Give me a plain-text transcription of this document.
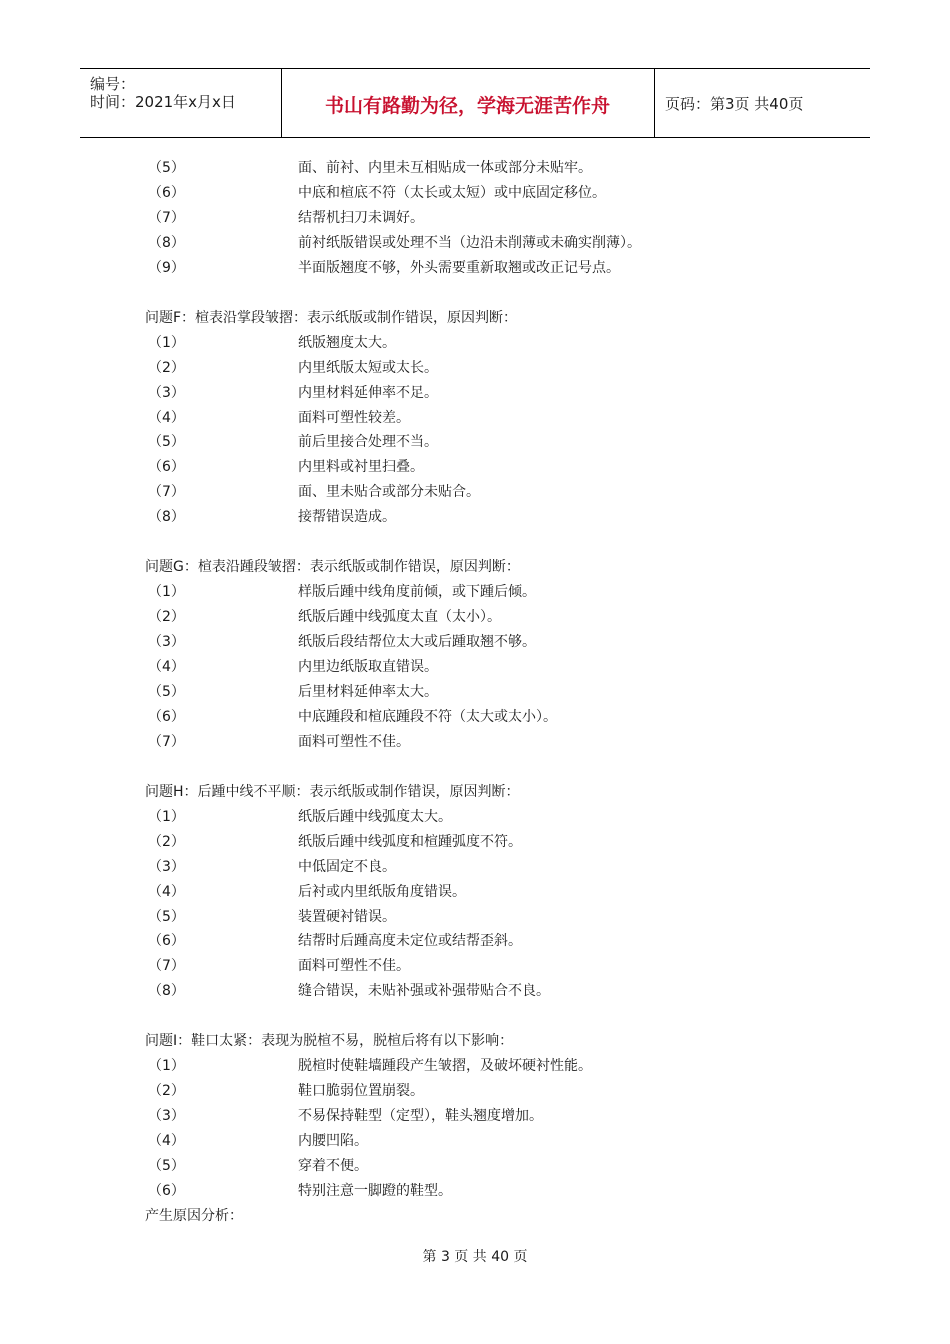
编号：
时间：2021年x月x日	书山有路勤为径，学海无涯苦作舟	页码：第3页 共40页
（5）	面、前衬、内里未互相贴成一体或部分未贴牢。
（6）	中底和楦底不符（太长或太短）或中底固定移位。
（7）	结帮机扫刀未调好。
（8）	前衬纸版错误或处理不当（边沿未削薄或未确实削薄）。
（9）	半面版翘度不够，外头需要重新取翘或改正记号点。
问题F：楦表沿掌段皱摺：表示纸版或制作错误，原因判断：
（1）	纸版翘度太大。
（2）	内里纸版太短或太长。
（3）	内里材料延伸率不足。
（4）	面料可塑性较差。
（5）	前后里接合处理不当。
（6）	内里料或衬里扫叠。
（7）	面、里未贴合或部分未贴合。
（8）	接帮错误造成。
问题G：楦表沿踵段皱摺：表示纸版或制作错误，原因判断：
（1）	样版后踵中线角度前倾，或下踵后倾。
（2）	纸版后踵中线弧度太直（太小）。
（3）	纸版后段结帮位太大或后踵取翘不够。
（4）	内里边纸版取直错误。
（5）	后里材料延伸率太大。
（6）	中底踵段和楦底踵段不符（太大或太小）。
（7）	面料可塑性不佳。
问题H：后踵中线不平顺：表示纸版或制作错误，原因判断：
（1）	纸版后踵中线弧度太大。
（2）	纸版后踵中线弧度和楦踵弧度不符。
（3）	中低固定不良。
（4）	后衬或内里纸版角度错误。
（5）	装置硬衬错误。
（6）	结帮时后踵高度未定位或结帮歪斜。
（7）	面料可塑性不佳。
（8）	缝合错误，未贴补强或补强带贴合不良。
问题I：鞋口太紧：表现为脱楦不易，脱楦后将有以下影响：
（1）	脱楦时使鞋墙踵段产生皱摺，及破坏硬衬性能。
（2）	鞋口脆弱位置崩裂。
（3）	不易保持鞋型（定型），鞋头翘度增加。
（4）	内腰凹陷。
（5）	穿着不便。
（6）	特别注意一脚蹬的鞋型。
产生原因分析：
第 3 页 共 40 页
